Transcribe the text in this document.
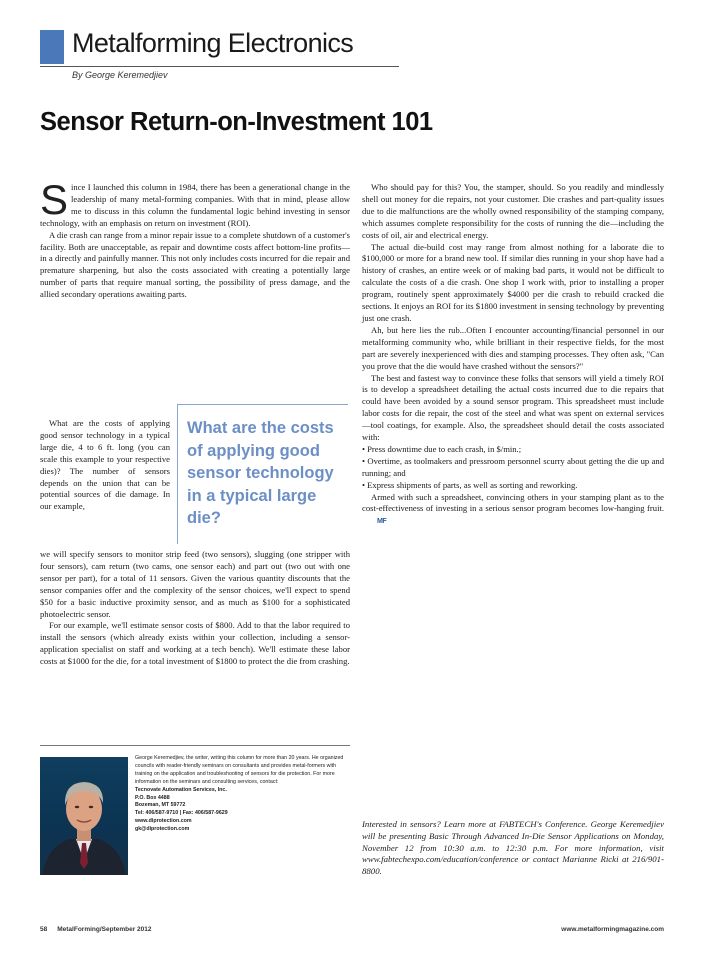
Metalforming Electronics
By George Keremedjiev
Sensor Return-on-Investment 101

Since I launched this column in 1984, there has been a generational change in the leadership of many metal-forming companies. With that in mind, please allow me to discuss in this column the fundamental logic behind investing in sensor technology, with an emphasis on return on investment (ROI).

A die crash can range from a minor repair issue to a complete shutdown of a customer's facility. Both are unacceptable, as repair and downtime costs affect bottom-line profits—in a directly and painfully manner. This not only includes costs incurred for die repair and premature sharpening, but also the costs associated with creating a potentially large number of parts that require manual sorting, the possibility of press damage, and the allied secondary operations awaiting parts.

What are the costs of applying good sensor technology in a typical large die, 4 to 6 ft. long (you can scale this example to your respective dies)? The number of sensors depends on the union that can be potential sources of die damage. In our example,

What are the costs of applying good sensor technology in a typical large die?

we will specify sensors to monitor strip feed (two sensors), slugging (one stripper with four sensors), cam return (two cams, one sensor each) and part out (two out with one sensor per part), for a total of 11 sensors. Given the various quantity discounts that the sensor companies offer and the complexity of the sensor choices, we'll expect to spend $50 for a basic inductive proximity sensor, and as much as $100 for a sophisticated photoelectric sensor.

For our example, we'll estimate sensor costs of $800. Add to that the labor required to install the sensors (which already exists within your collection, including a sensor-application specialist on staff and working at a tech bench). We'll estimate these labor costs at $1000 for the die, for a total investment of $1800 to protect the die from crashing.

Who should pay for this? You, the stamper, should. So you readily and mindlessly shell out money for die repairs, not your customer. Die crashes and part-quality issues due to die malfunctions are the wholly owned responsibility of the stamping company, which assumes complete responsibility for the costs of running the die—including the costs of oil, air and electrical energy.

The actual die-build cost may range from almost nothing for a laborate die to $100,000 or more for a brand new tool. If similar dies running in your shop have had a history of crashes, an entire week or of making bad parts, it would not be difficult to calculate the costs of a die crash. One shop I work with, prior to installing a proper program, routinely spent approximately $4000 per die crash to rebuild cracked die sections. It enjoys an ROI for its $1800 investment in sensing technology by preventing just one crash.

Ah, but here lies the rub...Often I encounter accounting/financial personnel in our metalforming community who, while brilliant in their respective fields, for the most part are severely inexperienced with dies and stamping processes. They often ask, "Can you prove that the die would have crashed without the sensors?"

The best and fastest way to convince these folks that sensors will yield a timely ROI is to develop a spreadsheet detailing the actual costs incurred due to die repairs that could have been avoided by a sound sensor program. This spreadsheet must include labor costs for die repair, the cost of the steel and what was spent on external services—tool coatings, for example. Also, the spreadsheet should detail the costs associated with:

• Press downtime due to each crash, in $/min.;

• Overtime, as toolmakers and pressroom personnel scurry about getting the die up and running; and

• Express shipments of parts, as well as sorting and reworking.

Armed with such a spreadsheet, convincing others in your stamping plant as to the cost-effectiveness of investing in a serious sensor program becomes low-hanging fruit.MF

George Keremedjiev, the writer, writing this column for more than 20 years. He organized councils with reader-friendly seminars on consultants and provides metal-formers with training on the application and troubleshooting of sensors for die protection. For more information on the seminars and consulting services, contact:
Tecnovate Automation Services, Inc.
P.O. Box 4488
Bozeman, MT 59772
Tel: 406/587-9710 | Fax: 406/587-9629
www.diprotection.com
gk@diprotection.com
Interested in sensors? Learn more at FABTECH's Conference. George Keremedjiev will be presenting Basic Through Advanced In-Die Sensor Applications on Monday, November 12 from 10:30 a.m. to 12:30 p.m. For more information, visit www.fabtechexpo.com/education/conference or contact Marianne Ricki at 216/901-8800.
58 MetalForming/September 2012	www.metalformingmagazine.com
